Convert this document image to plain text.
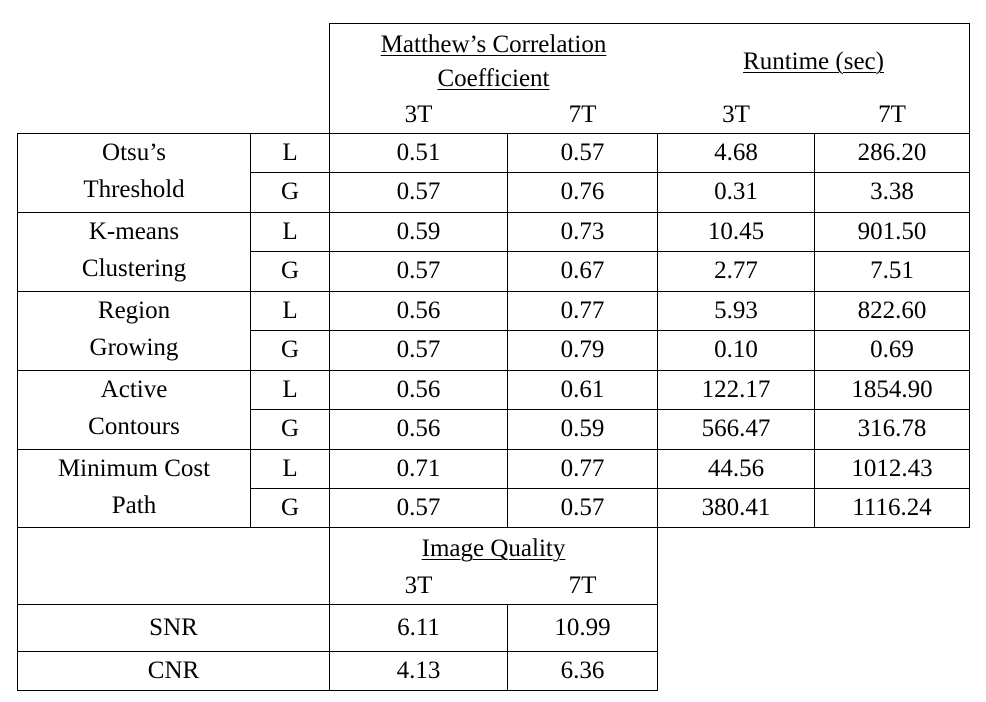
Matthew’s Correlation
Coefficient
Runtime (sec)
3T	7T	3T	7T
Otsu’s
Threshold
L	0.51	0.57	4.68	286.20
G	0.57	0.76	0.31	3.38
K-means
Clustering
L	0.59	0.73	10.45	901.50
G	0.57	0.67	2.77	7.51
Region
Growing
L	0.56	0.77	5.93	822.60
G	0.57	0.79	0.10	0.69
Active
Contours
L	0.56	0.61	122.17	1854.90
G	0.56	0.59	566.47	316.78
Minimum Cost
Path
L	0.71	0.77	44.56	1012.43
G	0.57	0.57	380.41	1116.24
Image Quality
3T	7T
SNR	6.11	10.99
CNR	4.13	6.36
